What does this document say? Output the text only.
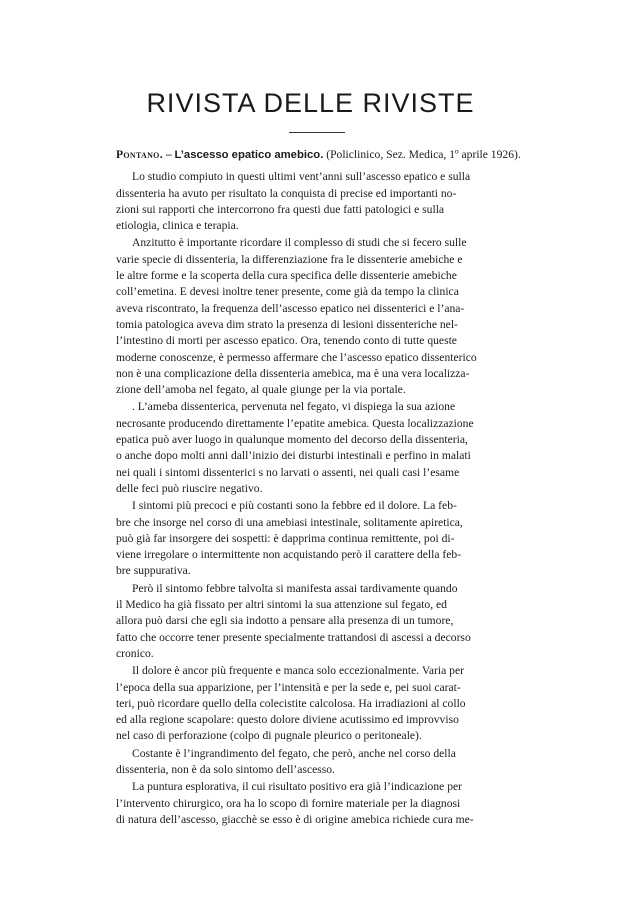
RIVISTA DELLE RIVISTE
Pontano. – L’ascesso epatico amebico. (Policlinico, Sez. Medica, 1º aprile 1926).
Lo studio compiuto in questi ultimi vent’anni sull’ascesso epatico e sulla
dissenteria ha avuto per risultato la conquista di precise ed importanti no-
zioni sui rapporti che intercorrono fra questi due fatti patologici e sulla
etiologia, clinica e terapia.
Anzitutto è importante ricordare il complesso di studi che si fecero sulle
varie specie di dissenteria, la differenziazione fra le dissenterie amebiche e
le altre forme e la scoperta della cura specifica delle dissenterie amebiche
coll’emetina. E devesi inoltre tener presente, come già da tempo la clinica
aveva riscontrato, la frequenza dell’ascesso epatico nei dissenterici e l’ana-
tomia patologica aveva dim strato la presenza di lesioni dissenteriche nel-
l’intestino di morti per ascesso epatico. Ora, tenendo conto di tutte queste
moderne conoscenze, è permesso affermare che l’ascesso epatico dissenterico
non è una complicazione della dissenteria amebica, ma è una vera localizza-
zione dell’amoba nel fegato, al quale giunge per la via portale.
. L’ameba dissenterica, pervenuta nel fegato, vi dispiega la sua azione
necrosante producendo direttamente l’epatite amebica. Questa localizzazione
epatica può aver luogo in qualunque momento del decorso della dissenteria,
o anche dopo molti anni dall’inizio dei disturbi intestinali e perfino in malati
nei quali i sintomi dissenterici s no larvati o assenti, nei quali casi l’esame
delle feci può riuscire negativo.
I sintomi più precoci e più costanti sono la febbre ed il dolore. La feb-
bre che insorge nel corso di una amebiasi intestinale, solitamente apiretica,
può già far insorgere dei sospetti: è dapprima continua remittente, poi di-
viene irregolare o intermittente non acquistando però il carattere della feb-
bre suppurativa.
Però il sintomo febbre talvolta si manifesta assai tardivamente quando
il Medico ha già fissato per altri sintomi la sua attenzione sul fegato, ed
allora può darsi che egli sia indotto a pensare alla presenza di un tumore,
fatto che occorre tener presente specialmente trattandosi di ascessi a decorso
cronico.
Il dolore è ancor più frequente e manca solo eccezionalmente. Varia per
l’epoca della sua apparizione, per l’intensità e per la sede e, pei suoi carat-
teri, può ricordare quello della colecistite calcolosa. Ha irradiazioni al collo
ed alla regione scapolare: questo dolore diviene acutissimo ed improvviso
nel caso di perforazione (colpo di pugnale pleurico o peritoneale).
Costante è l’ingrandimento del fegato, che però, anche nel corso della
dissenteria, non è da solo sintomo dell’ascesso.
La puntura esplorativa, il cui risultato positivo era già l’indicazione per
l’intervento chirurgico, ora ha lo scopo di fornire materiale per la diagnosi
di natura dell’ascesso, giacchè se esso è di origine amebica richiede cura me-
